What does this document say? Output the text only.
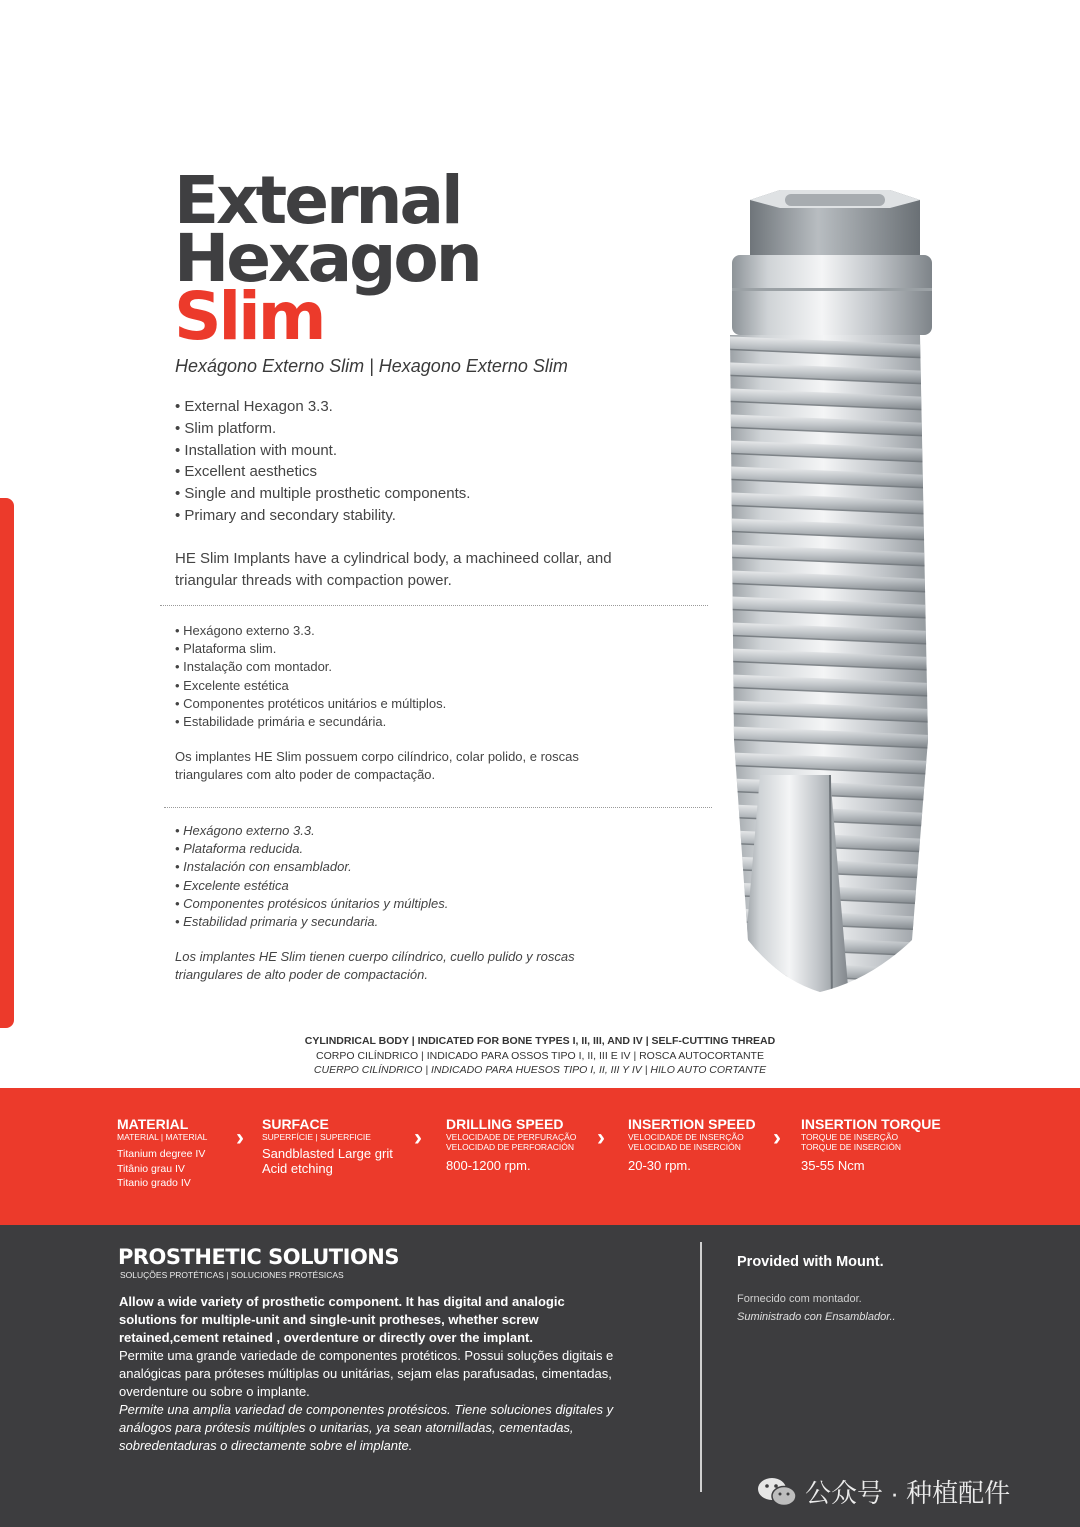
External
Hexagon
Slim
Hexágono Externo Slim | Hexagono Externo Slim
• External Hexagon 3.3.
• Slim platform.
• Installation with mount.
• Excellent aesthetics
• Single and multiple prosthetic components.
• Primary and secondary stability.
HE Slim Implants have a cylindrical body, a machineed collar, and triangular threads with compaction power.
• Hexágono externo 3.3.
• Plataforma slim.
• Instalação com montador.
• Excelente estética
• Componentes protéticos unitários e múltiplos.
• Estabilidade primária e secundária.
Os implantes HE Slim possuem corpo cilíndrico, colar polido, e roscas triangulares com alto poder de compactação.
• Hexágono externo 3.3.
• Plataforma reducida.
• Instalación con ensamblador.
• Excelente estética
• Componentes protésicos únitarios y múltiples.
• Estabilidad primaria y secundaria.
Los implantes HE Slim tienen cuerpo cilíndrico, cuello pulido y roscas triangulares de alto poder de compactación.
CYLINDRICAL BODY | INDICATED FOR BONE TYPES I, II, III, AND IV | SELF-CUTTING THREAD
CORPO CILÍNDRICO | INDICADO PARA OSSOS TIPO I, II, III E IV | ROSCA AUTOCORTANTE
CUERPO CILÍNDRICO | INDICADO PARA HUESOS TIPO I, II, III Y IV | HILO AUTO CORTANTE
MATERIAL
MATERIAL | MATERIAL
Titanium degree IV
Titânio grau IV
Titanio grado IV
› SURFACE
SUPERFÍCIE | SUPERFICIE
Sandblasted Large grit Acid etching
› DRILLING SPEED
VELOCIDADE DE PERFURAÇÃO
VELOCIDAD DE PERFORACIÓN
800-1200 rpm.
› INSERTION SPEED
VELOCIDADE DE INSERÇÃO
VELOCIDAD DE INSERCIÓN
20-30 rpm.
› INSERTION TORQUE
TORQUE DE INSERÇÃO
TORQUE DE INSERCIÓN
35-55 Ncm
PROSTHETIC SOLUTIONS
SOLUÇÕES PROTÉTICAS | SOLUCIONES PROTÉSICAS
Allow a wide variety of prosthetic component. It has digital and analogic solutions for multiple-unit and single-unit protheses, whether screw retained,cement retained , overdenture or directly over the implant.
Permite uma grande variedade de componentes protéticos. Possui soluções digitais e analógicas para próteses múltiplas ou unitárias, sejam elas parafusadas, cimentadas, overdenture ou sobre o implante.
Permite una amplia variedad de componentes protésicos. Tiene soluciones digitales y análogos para prótesis múltiples o unitarias, ya sean atornilladas, cementadas, sobredentaduras o directamente sobre el implante.
Provided with Mount.
Fornecido com montador.
Suministrado con Ensamblador..
公众号 · 种植配件
